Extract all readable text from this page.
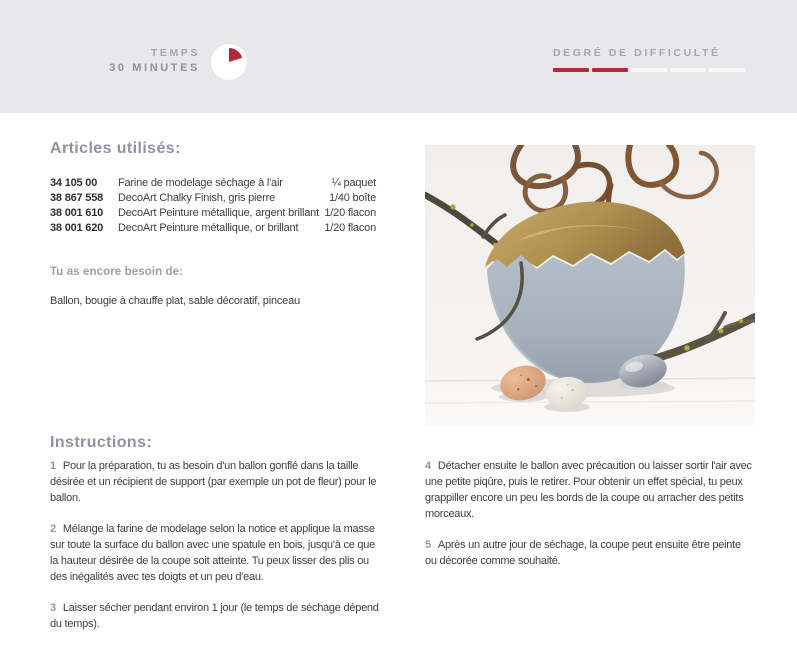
TEMPS
30 MINUTES
DEGRÉ DE DIFFICULTÉ
Articles utilisés:
34 105 00	Farine de modelage séchage à l'air	¼ paquet
38 867 558	DecoArt Chalky Finish, gris pierre	1/40 boîte
38 001 610	DecoArt Peinture métallique, argent brillant 1/20 flacon
38 001 620	DecoArt Peinture métallique, or brillant	1/20 flacon
Tu as encore besoin de:
Ballon, bougie à chauffe plat, sable décoratif, pinceau
Instructions:

1 Pour la préparation, tu as besoin d'un ballon gonflé dans la taille désirée et un récipient de support (par exemple un pot de fleur) pour le ballon.

2 Mélange la farine de modelage selon la notice et applique la masse sur toute la surface du ballon avec une spatule en bois, jusqu'à ce que la hauteur désirée de la coupe soit atteinte. Tu peux lisser des plis ou des inégalités avec tes doigts et un peu d'eau.

3 Laisser sécher pendant environ 1 jour (le temps de séchage dépend du temps).

4 Détacher ensuite le ballon avec précaution ou laisser sortir l'air avec une petite piqûre, puis le retirer. Pour obtenir un effet spécial, tu peux grappiller encore un peu les bords de la coupe ou arracher des petits morceaux.

5 Après un autre jour de séchage, la coupe peut ensuite être peinte ou décorée comme souhaité.
